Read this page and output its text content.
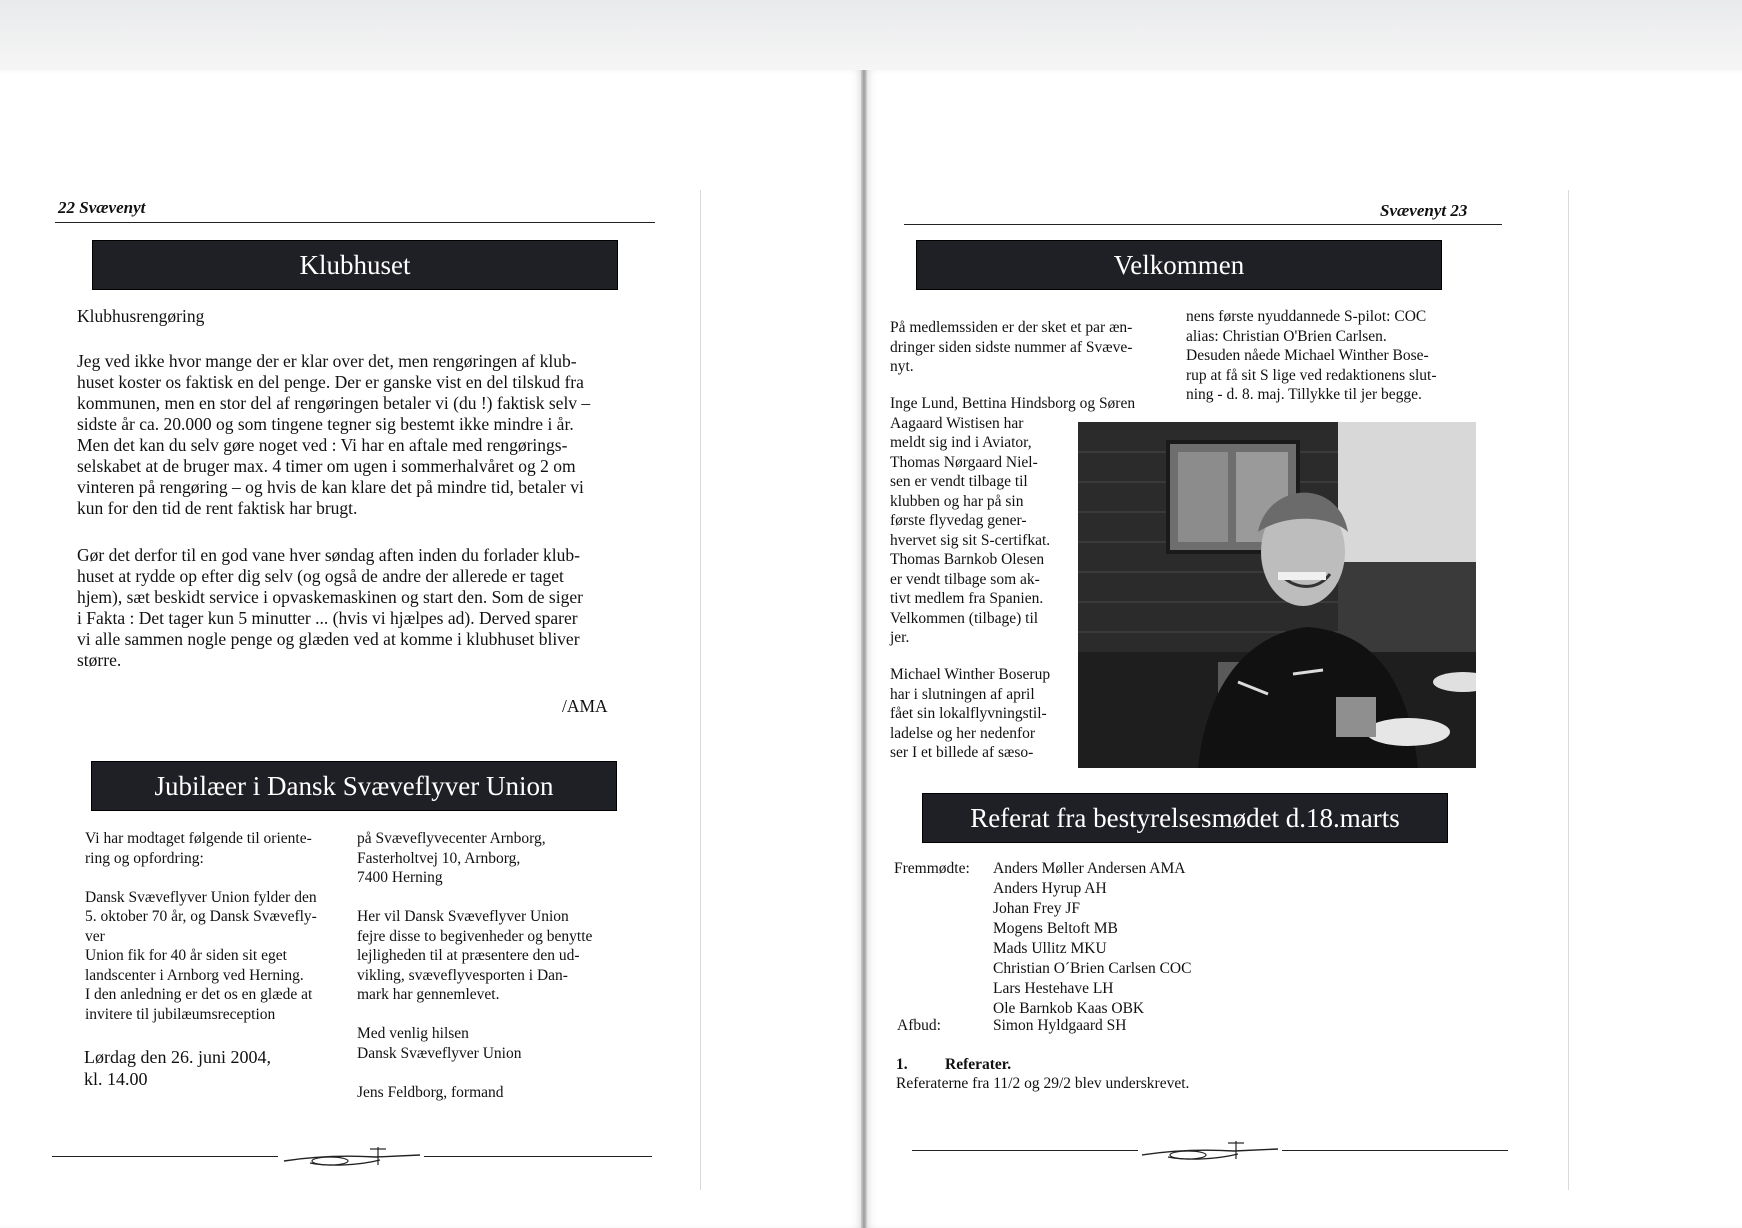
22 Svævenyt
Klubhuset
Klubhusrengøring
Jeg ved ikke hvor mange der er klar over det, men rengøringen af klub-
huset koster os faktisk en del penge. Der er ganske vist en del tilskud fra
kommunen, men en stor del af rengøringen betaler vi (du !) faktisk selv –
sidste år ca. 20.000 og som tingene tegner sig bestemt ikke mindre i år.
Men det kan du selv gøre noget ved : Vi har en aftale med rengørings-
selskabet at de bruger max. 4 timer om ugen i sommerhalvåret og 2 om
vinteren på rengøring – og hvis de kan klare det på mindre tid, betaler vi
kun for den tid de rent faktisk har brugt.
Gør det derfor til en god vane hver søndag aften inden du forlader klub-
huset at rydde op efter dig selv (og også de andre der allerede er taget
hjem), sæt beskidt service i opvaskemaskinen og start den. Som de siger
i Fakta : Det tager kun 5 minutter ... (hvis vi hjælpes ad). Derved sparer
vi alle sammen nogle penge og glæden ved at komme i klubhuset bliver
større.
/AMA
Jubilæer i Dansk Svæveflyver Union
Vi har modtaget følgende til oriente-
ring og opfordring:
Dansk Svæveflyver Union fylder den
5. oktober 70 år, og Dansk Svævefly-
ver
Union fik for 40 år siden sit eget
landscenter i Arnborg ved Herning.
I den anledning er det os en glæde at
invitere til jubilæumsreception
Lørdag den 26. juni 2004,
kl. 14.00
på Svæveflyvecenter Arnborg,
Fasterholtvej 10, Arnborg,
7400 Herning
Her vil Dansk Svæveflyver Union
fejre disse to begivenheder og benytte
lejligheden til at præsentere den ud-
vikling, svæveflyvesporten i Dan-
mark har gennemlevet.
Med venlig hilsen
Dansk Svæveflyver Union
Jens Feldborg, formand
Svævenyt 23
Velkommen
På medlemssiden er der sket et par æn-
dringer siden sidste nummer af Svæve-
nyt.
Inge Lund, Bettina Hindsborg og Søren
Aagaard Wistisen har
meldt sig ind i Aviator,
Thomas Nørgaard Niel-
sen er vendt tilbage til
klubben og har på sin
første flyvedag gener-
hvervet sig sit S-certifkat.
Thomas Barnkob Olesen
er vendt tilbage som ak-
tivt medlem fra Spanien.
Velkommen (tilbage) til
jer.
Michael Winther Boserup
har i slutningen af april
fået sin lokalflyvningstil-
ladelse og her nedenfor
ser I et billede af sæso-
nens første nyuddannede S-pilot: COC
alias: Christian O'Brien Carlsen.
Desuden nåede Michael Winther Bose-
rup at få sit S lige ved redaktionens slut-
ning - d. 8. maj. Tillykke til jer begge.
Referat fra bestyrelsesmødet d.18.marts
Fremmødte: Anders Møller Andersen AMA
Anders Hyrup AH
Johan Frey JF
Mogens Beltoft MB
Mads Ullitz MKU
Christian O´Brien Carlsen COC
Lars Hestehave LH
Ole Barnkob Kaas OBK
Afbud:	Simon Hyldgaard SH
1. Referater.
Referaterne fra 11/2 og 29/2 blev underskrevet.
